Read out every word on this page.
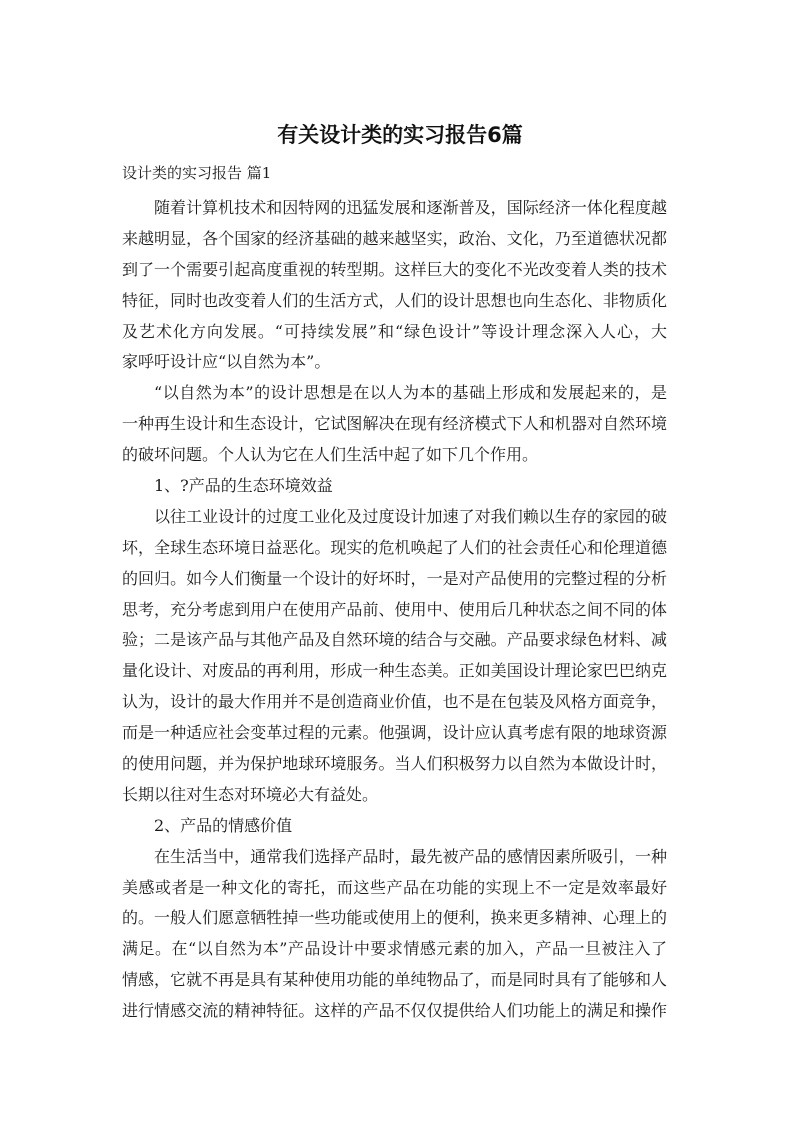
有关设计类的实习报告6篇

设计类的实习报告 篇1

随着计算机技术和因特网的迅猛发展和逐渐普及，国际经济一体化程度越
来越明显，各个国家的经济基础的越来越坚实，政治、文化，乃至道德状况都
到了一个需要引起高度重视的转型期。这样巨大的变化不光改变着人类的技术
特征，同时也改变着人们的生活方式，人们的设计思想也向生态化、非物质化
及艺术化方向发展。“可持续发展”和“绿色设计”等设计理念深入人心，大
家呼吁设计应“以自然为本”。
“以自然为本”的设计思想是在以人为本的基础上形成和发展起来的，是
一种再生设计和生态设计，它试图解决在现有经济模式下人和机器对自然环境
的破坏问题。个人认为它在人们生活中起了如下几个作用。
1、?产品的生态环境效益
以往工业设计的过度工业化及过度设计加速了对我们赖以生存的家园的破
坏，全球生态环境日益恶化。现实的危机唤起了人们的社会责任心和伦理道德
的回归。如今人们衡量一个设计的好坏时，一是对产品使用的完整过程的分析
思考，充分考虑到用户在使用产品前、使用中、使用后几种状态之间不同的体
验；二是该产品与其他产品及自然环境的结合与交融。产品要求绿色材料、减
量化设计、对废品的再利用，形成一种生态美。正如美国设计理论家巴巴纳克
认为，设计的最大作用并不是创造商业价值，也不是在包装及风格方面竞争，
而是一种适应社会变革过程的元素。他强调，设计应认真考虑有限的地球资源
的使用问题，并为保护地球环境服务。当人们积极努力以自然为本做设计时，
长期以往对生态对环境必大有益处。
2、产品的情感价值
在生活当中，通常我们选择产品时，最先被产品的感情因素所吸引，一种
美感或者是一种文化的寄托，而这些产品在功能的实现上不一定是效率最好
的。一般人们愿意牺牲掉一些功能或使用上的便利，换来更多精神、心理上的
满足。在“以自然为本”产品设计中要求情感元素的加入，产品一旦被注入了
情感，它就不再是具有某种使用功能的单纯物品了，而是同时具有了能够和人
进行情感交流的精神特征。这样的产品不仅仅提供给人们功能上的满足和操作
